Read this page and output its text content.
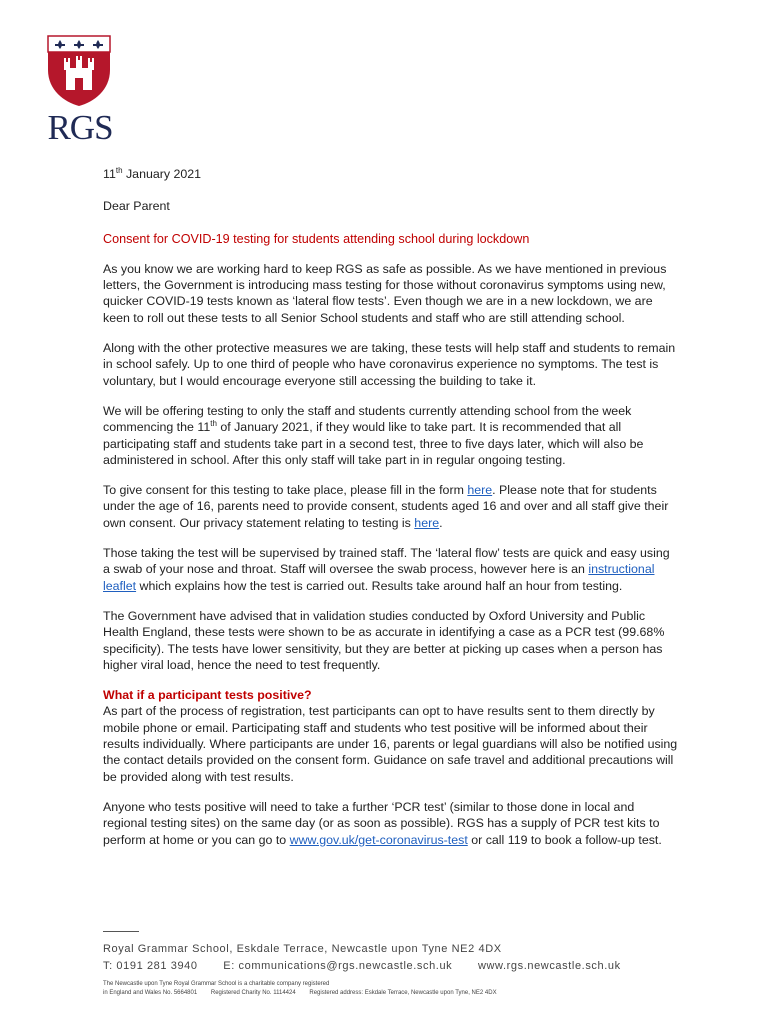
RGS

11th January 2021

Dear Parent

Consent for COVID-19 testing for students attending school during lockdown

As you know we are working hard to keep RGS as safe as possible. As we have mentioned in previous letters, the Government is introducing mass testing for those without coronavirus symptoms using new, quicker COVID-19 tests known as ‘lateral flow tests’. Even though we are in a new lockdown, we are keen to roll out these tests to all Senior School students and staff who are still attending school.

Along with the other protective measures we are taking, these tests will help staff and students to remain in school safely. Up to one third of people who have coronavirus experience no symptoms. The test is voluntary, but I would encourage everyone still accessing the building to take it.

We will be offering testing to only the staff and students currently attending school from the week commencing the 11th of January 2021, if they would like to take part. It is recommended that all participating staff and students take part in a second test, three to five days later, which will also be administered in school. After this only staff will take part in in regular ongoing testing.

To give consent for this testing to take place, please fill in the form here. Please note that for students under the age of 16, parents need to provide consent, students aged 16 and over and all staff give their own consent. Our privacy statement relating to testing is here.

Those taking the test will be supervised by trained staff. The ‘lateral flow’ tests are quick and easy using a swab of your nose and throat. Staff will oversee the swab process, however here is an instructional leaflet which explains how the test is carried out. Results take around half an hour from testing.

The Government have advised that in validation studies conducted by Oxford University and Public Health England, these tests were shown to be as accurate in identifying a case as a PCR test (99.68% specificity). The tests have lower sensitivity, but they are better at picking up cases when a person has higher viral load, hence the need to test frequently.

What if a participant tests positive?

As part of the process of registration, test participants can opt to have results sent to them directly by mobile phone or email. Participating staff and students who test positive will be informed about their results individually. Where participants are under 16, parents or legal guardians will also be notified using the contact details provided on the consent form. Guidance on safe travel and additional precautions will be provided along with test results.

Anyone who tests positive will need to take a further ‘PCR test’ (similar to those done in local and regional testing sites) on the same day (or as soon as possible). RGS has a supply of PCR test kits to perform at home or you can go to www.gov.uk/get-coronavirus-test or call 119 to book a follow-up test.

Royal Grammar School, Eskdale Terrace, Newcastle upon Tyne NE2 4DX
T: 0191 281 3940 E: communications@rgs.newcastle.sch.uk www.rgs.newcastle.sch.uk
The Newcastle upon Tyne Royal Grammar School is a charitable company registered
in England and Wales No. 5664801 Registered Charity No. 1114424 Registered address: Eskdale Terrace, Newcastle upon Tyne, NE2 4DX
